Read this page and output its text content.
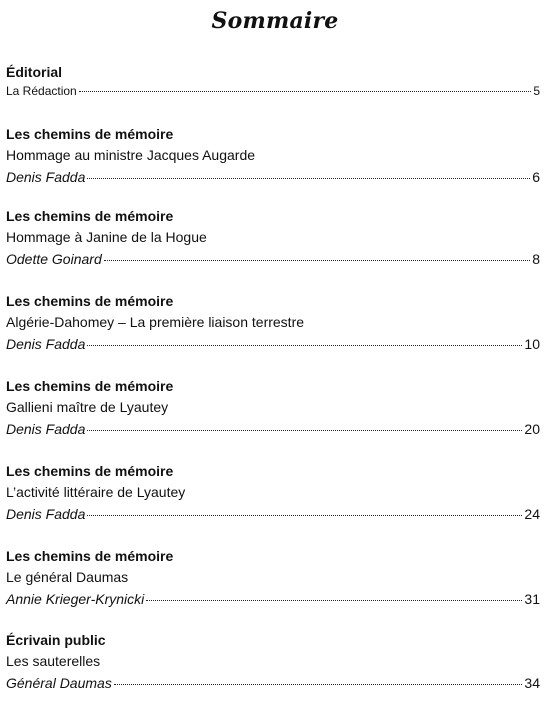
Sommaire
Éditorial
La Rédaction	5
Les chemins de mémoire
Hommage au ministre Jacques Augarde
Denis Fadda	6
Les chemins de mémoire
Hommage à Janine de la Hogue
Odette Goinard	8
Les chemins de mémoire
Algérie-Dahomey – La première liaison terrestre
Denis Fadda	10
Les chemins de mémoire
Gallieni maître de Lyautey
Denis Fadda	20
Les chemins de mémoire
L’activité littéraire de Lyautey
Denis Fadda	24
Les chemins de mémoire
Le général Daumas
Annie Krieger-Krynicki	31
Écrivain public
Les sauterelles
Général Daumas	34
